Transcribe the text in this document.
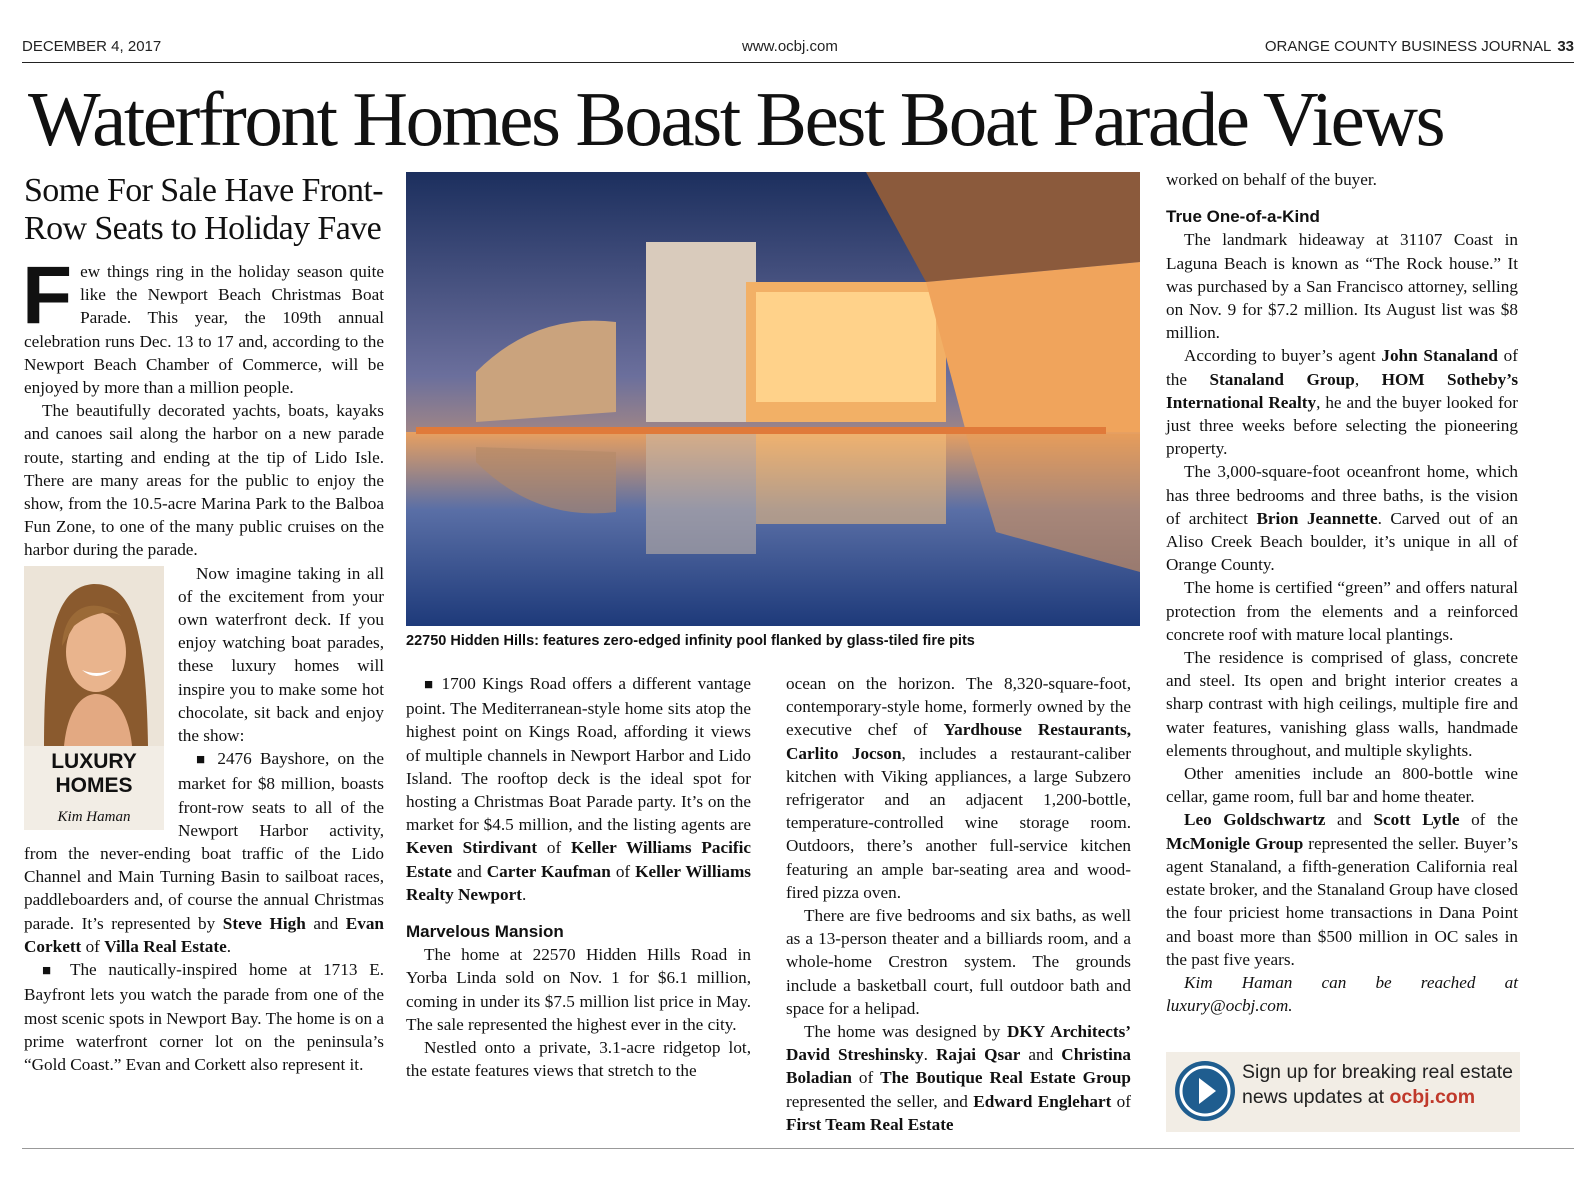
DECEMBER 4, 2017	www.ocbj.com	ORANGE COUNTY BUSINESS JOURNAL 33
Waterfront Homes Boast Best Boat Parade Views
Some For Sale Have Front-Row Seats to Holiday Fave
F ew things ring in the holiday season quite like the Newport Beach Christmas Boat Parade. This year, the 109th annual celebration runs Dec. 13 to 17 and, according to the Newport Beach Chamber of Commerce, will be enjoyed by more than a million people.

The beautifully decorated yachts, boats, kayaks and canoes sail along the harbor on a new parade route, starting and ending at the tip of Lido Isle. There are many areas for the public to enjoy the show, from the 10.5-acre Marina Park to the Balboa Fun Zone, to one of the many public cruises on the harbor during the parade.

LUXURY HOMES
Kim Haman

Now imagine taking in all of the excitement from your own waterfront deck. If you enjoy watching boat parades, these luxury homes will inspire you to make some hot chocolate, sit back and enjoy the show:

■ 2476 Bayshore, on the market for $8 million, boasts front-row seats to all of the Newport Harbor activity, from the never-ending boat traffic of the Lido Channel and Main Turning Basin to sailboat races, paddleboarders and, of course the annual Christmas parade. It’s represented by Steve High and Evan Corkett of Villa Real Estate.

■ The nautically-inspired home at 1713 E. Bayfront lets you watch the parade from one of the most scenic spots in Newport Bay. The home is on a prime waterfront corner lot on the peninsula’s “Gold Coast.” Evan and Corkett also represent it.

22750 Hidden Hills: features zero-edged infinity pool flanked by glass-tiled fire pits

■ 1700 Kings Road offers a different vantage point. The Mediterranean-style home sits atop the highest point on Kings Road, affording it views of multiple channels in Newport Harbor and Lido Island. The rooftop deck is the ideal spot for hosting a Christmas Boat Parade party. It’s on the market for $4.5 million, and the listing agents are Keven Stirdivant of Keller Williams Pacific Estate and Carter Kaufman of Keller Williams Realty Newport.

Marvelous Mansion

The home at 22570 Hidden Hills Road in Yorba Linda sold on Nov. 1 for $6.1 million, coming in under its $7.5 million list price in May. The sale represented the highest ever in the city.

Nestled onto a private, 3.1-acre ridgetop lot, the estate features views that stretch to the

ocean on the horizon. The 8,320-square-foot, contemporary-style home, formerly owned by the executive chef of Yardhouse Restaurants, Carlito Jocson, includes a restaurant-caliber kitchen with Viking appliances, a large Subzero refrigerator and an adjacent 1,200-bottle, temperature-controlled wine storage room. Outdoors, there’s another full-service kitchen featuring an ample bar-seating area and wood-fired pizza oven.

There are five bedrooms and six baths, as well as a 13-person theater and a billiards room, and a whole-home Crestron system. The grounds include a basketball court, full outdoor bath and space for a helipad.

The home was designed by DKY Architects’ David Streshinsky. Rajai Qsar and Christina Boladian of The Boutique Real Estate Group represented the seller, and Edward Englehart of First Team Real Estate

worked on behalf of the buyer.

True One-of-a-Kind

The landmark hideaway at 31107 Coast in Laguna Beach is known as “The Rock house.” It was purchased by a San Francisco attorney, selling on Nov. 9 for $7.2 million. Its August list was $8 million.

According to buyer’s agent John Stanaland of the Stanaland Group, HOM Sotheby’s International Realty, he and the buyer looked for just three weeks before selecting the pioneering property.

The 3,000-square-foot oceanfront home, which has three bedrooms and three baths, is the vision of architect Brion Jeannette. Carved out of an Aliso Creek Beach boulder, it’s unique in all of Orange County.

The home is certified “green” and offers natural protection from the elements and a reinforced concrete roof with mature local plantings.

The residence is comprised of glass, concrete and steel. Its open and bright interior creates a sharp contrast with high ceilings, multiple fire and water features, vanishing glass walls, handmade elements throughout, and multiple skylights.

Other amenities include an 800-bottle wine cellar, game room, full bar and home theater.

Leo Goldschwartz and Scott Lytle of the McMonigle Group represented the seller. Buyer’s agent Stanaland, a fifth-generation California real estate broker, and the Stanaland Group have closed the four priciest home transactions in Dana Point and boast more than $500 million in OC sales in the past five years.

Kim Haman can be reached at luxury@ocbj.com.

Sign up for breaking real estate
news updates at ocbj.com
